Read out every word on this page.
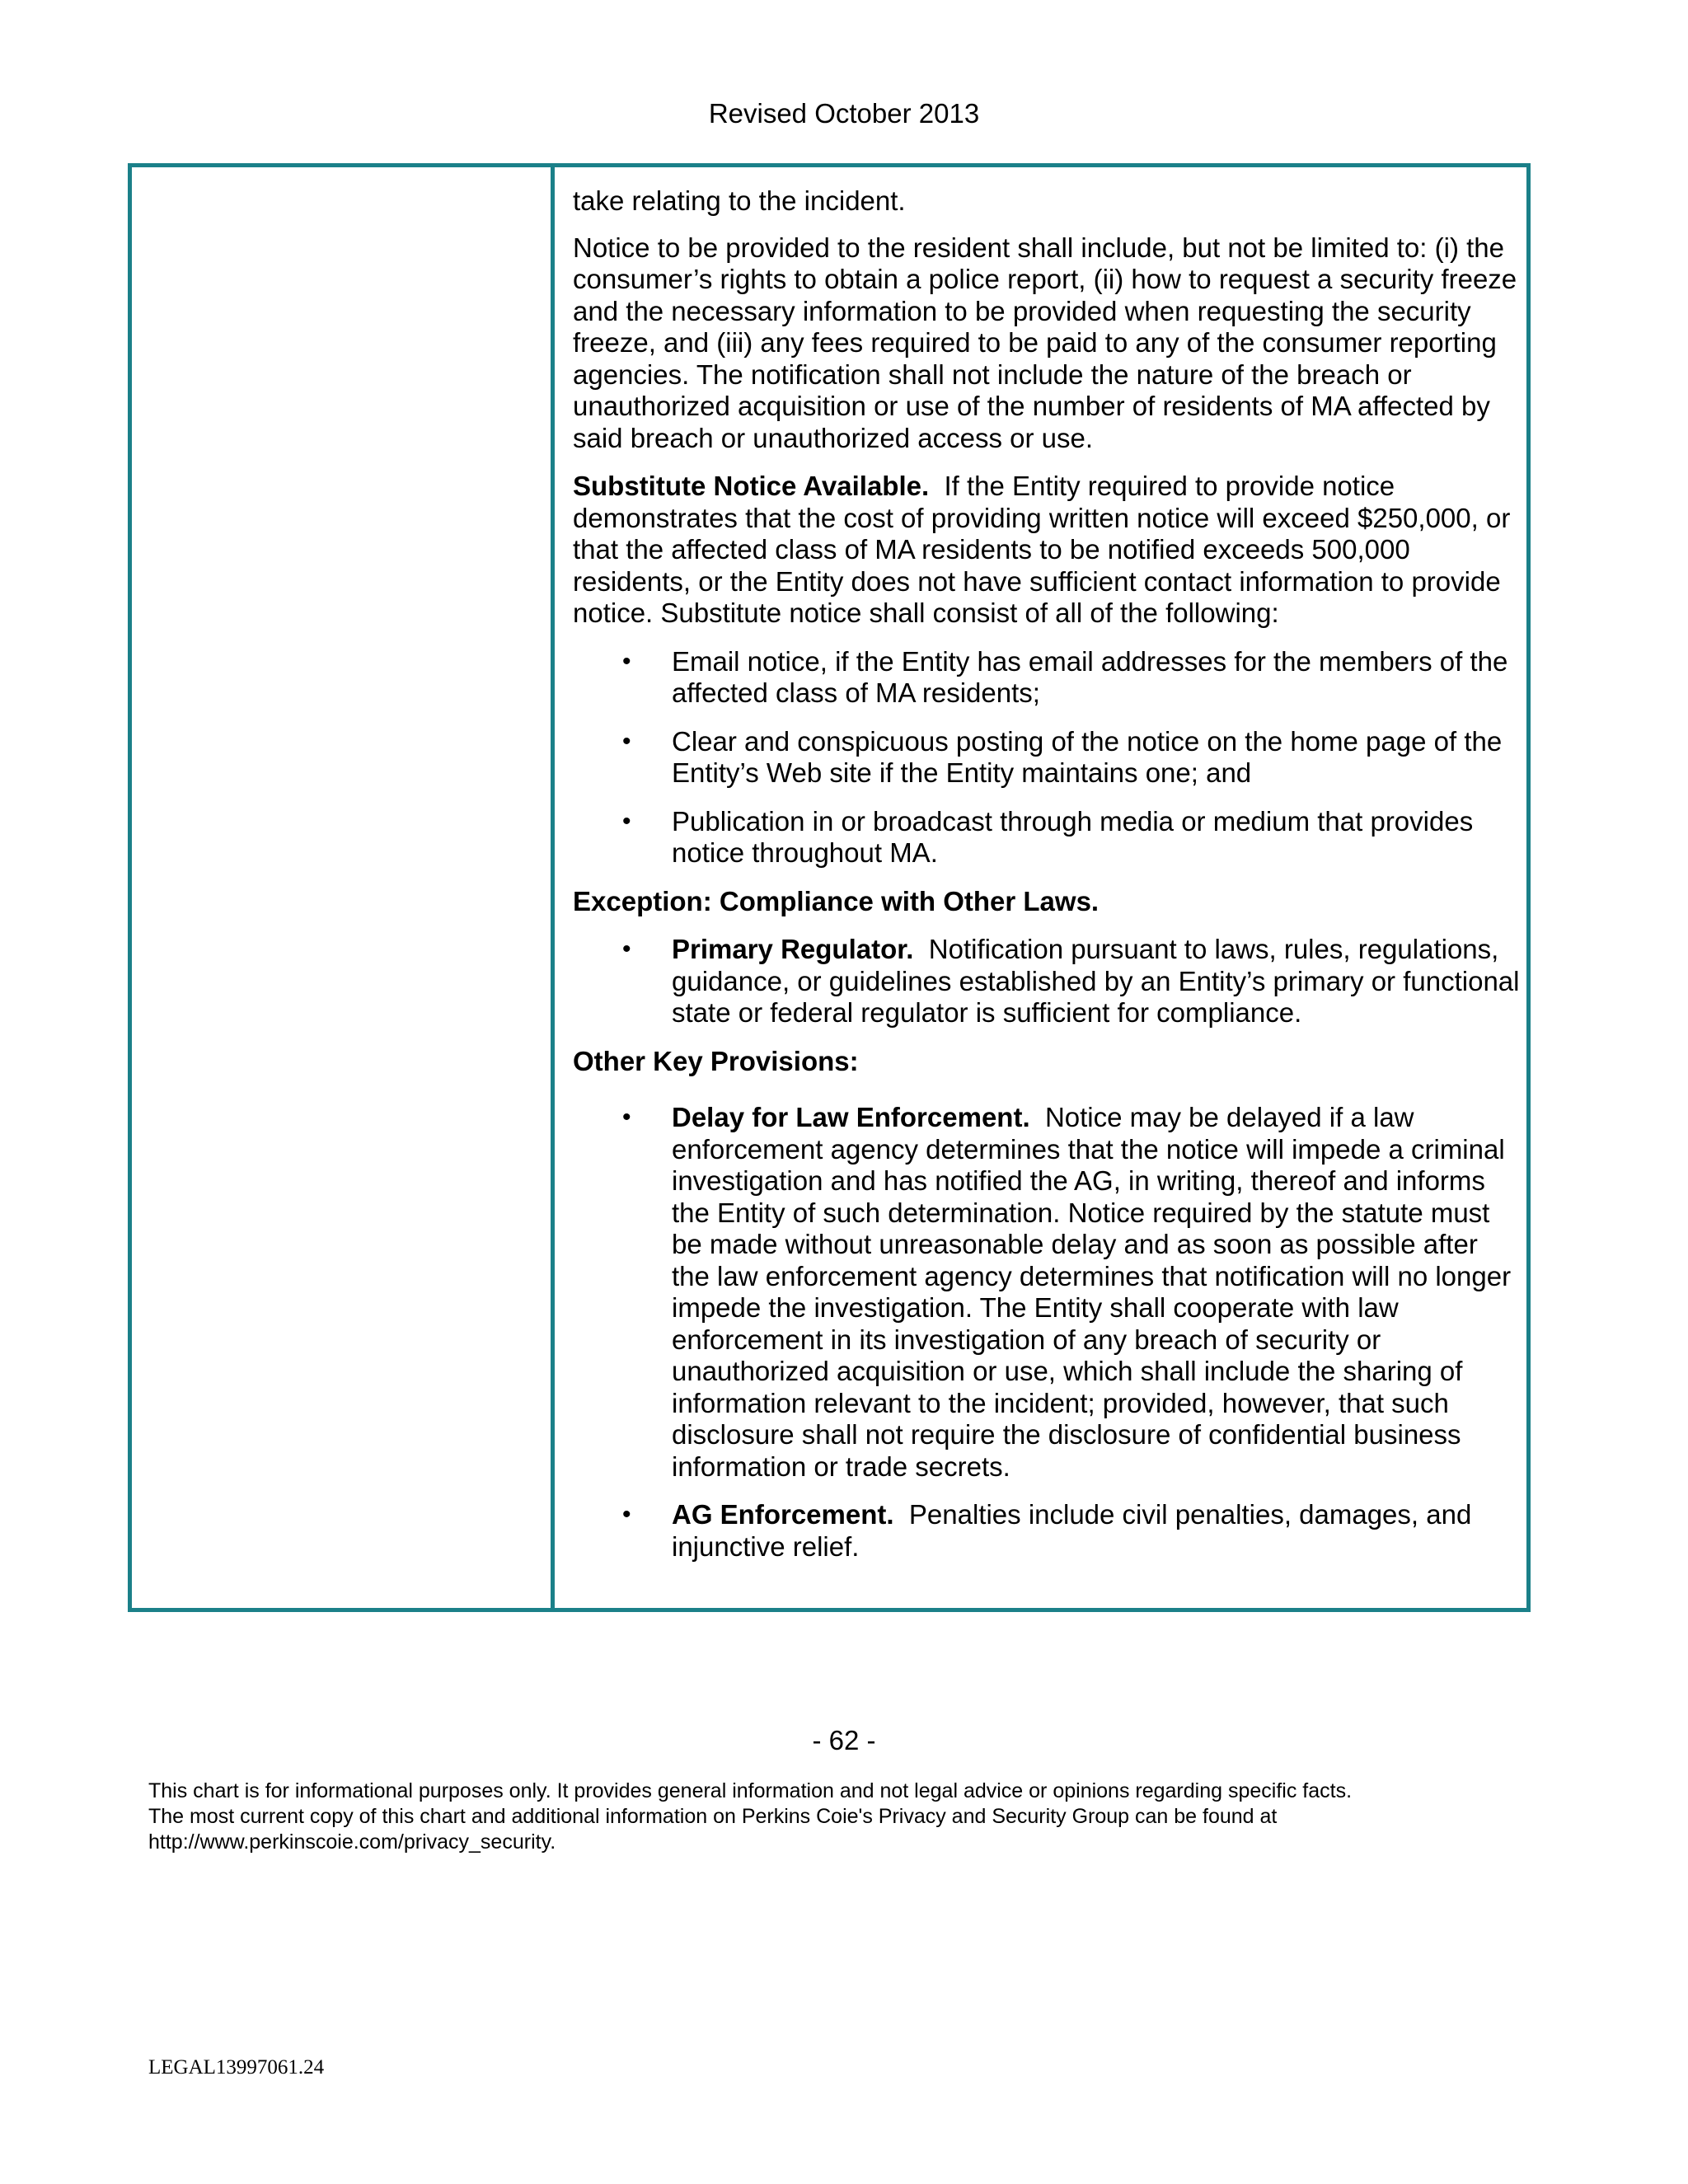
Revised October 2013

take relating to the incident.

Notice to be provided to the resident shall include, but not be limited to: (i) the consumer’s rights to obtain a police report, (ii) how to request a security freeze and the necessary information to be provided when requesting the security freeze, and (iii) any fees required to be paid to any of the consumer reporting agencies. The notification shall not include the nature of the breach or unauthorized acquisition or use of the number of residents of MA affected by said breach or unauthorized access or use.

Substitute Notice Available. If the Entity required to provide notice demonstrates that the cost of providing written notice will exceed $250,000, or that the affected class of MA residents to be notified exceeds 500,000 residents, or the Entity does not have sufficient contact information to provide notice. Substitute notice shall consist of all of the following:

• Email notice, if the Entity has email addresses for the members of the affected class of MA residents;
• Clear and conspicuous posting of the notice on the home page of the Entity’s Web site if the Entity maintains one; and
• Publication in or broadcast through media or medium that provides notice throughout MA.

Exception: Compliance with Other Laws.

• Primary Regulator. Notification pursuant to laws, rules, regulations, guidance, or guidelines established by an Entity’s primary or functional state or federal regulator is sufficient for compliance.

Other Key Provisions:

• Delay for Law Enforcement. Notice may be delayed if a law enforcement agency determines that the notice will impede a criminal investigation and has notified the AG, in writing, thereof and informs the Entity of such determination. Notice required by the statute must be made without unreasonable delay and as soon as possible after the law enforcement agency determines that notification will no longer impede the investigation. The Entity shall cooperate with law enforcement in its investigation of any breach of security or unauthorized acquisition or use, which shall include the sharing of information relevant to the incident; provided, however, that such disclosure shall not require the disclosure of confidential business information or trade secrets.
• AG Enforcement. Penalties include civil penalties, damages, and injunctive relief.
- 62 -
This chart is for informational purposes only. It provides general information and not legal advice or opinions regarding specific facts.
The most current copy of this chart and additional information on Perkins Coie's Privacy and Security Group can be found at
http://www.perkinscoie.com/privacy_security.
LEGAL13997061.24
